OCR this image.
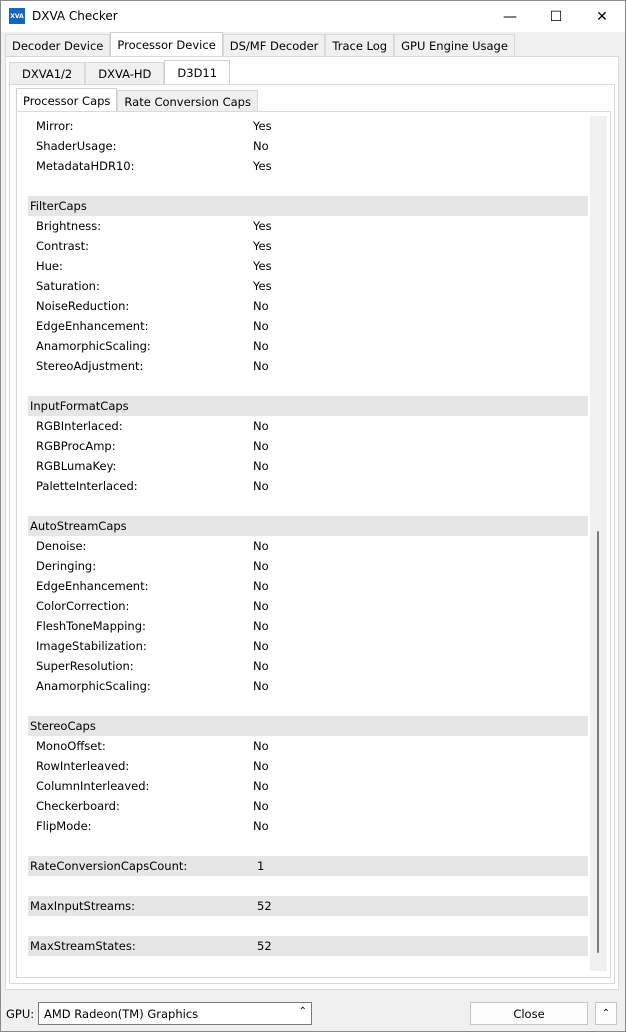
XVA DXVA Checker	— ☐ ✕
Decoder Device	Processor Device	DS/MF Decoder	Trace Log	GPU Engine Usage
DXVA1/2	DXVA-HD	D3D11
Processor Caps	Rate Conversion Caps
Mirror:	Yes
ShaderUsage:	No
MetadataHDR10:	Yes
FilterCaps
Brightness:	Yes
Contrast:	Yes
Hue:	Yes
Saturation:	Yes
NoiseReduction:	No
EdgeEnhancement:	No
AnamorphicScaling:	No
StereoAdjustment:	No
InputFormatCaps
RGBInterlaced:	No
RGBProcAmp:	No
RGBLumaKey:	No
PaletteInterlaced:	No
AutoStreamCaps
Denoise:	No
Deringing:	No
EdgeEnhancement:	No
ColorCorrection:	No
FleshToneMapping:	No
ImageStabilization:	No
SuperResolution:	No
AnamorphicScaling:	No
StereoCaps
MonoOffset:	No
RowInterleaved:	No
ColumnInterleaved:	No
Checkerboard:	No
FlipMode:	No
RateConversionCapsCount:	1
MaxInputStreams:	52
MaxStreamStates:	52
GPU: AMD Radeon(TM) Graphics	⌃	Close	⌃
